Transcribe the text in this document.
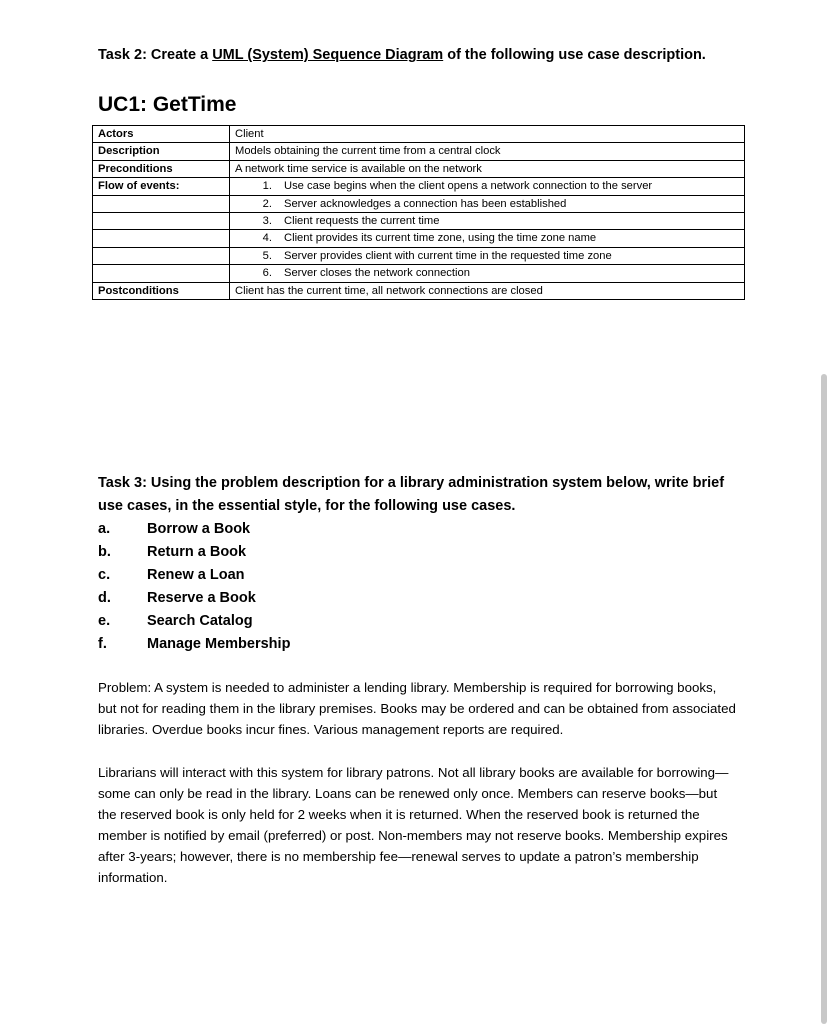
Task 2: Create a UML (System) Sequence Diagram of the following use case description.
UC1: GetTime
Actors	Client
Description	Models obtaining the current time from a central clock
Preconditions	A network time service is available on the network
Flow of events:	1. Use case begins when the client opens a network connection to the server
	2. Server acknowledges a connection has been established
	3. Client requests the current time
	4. Client provides its current time zone, using the time zone name
	5. Server provides client with current time in the requested time zone
	6. Server closes the network connection
Postconditions	Client has the current time, all network connections are closed
Task 3: Using the problem description for a library administration system below, write brief use cases, in the essential style, for the following use cases.
a.	Borrow a Book
b. Return a Book
c.	Renew a Loan
d. Reserve a Book
e.	Search Catalog
f.	Manage Membership
Problem: A system is needed to administer a lending library. Membership is required for borrowing books, but not for reading them in the library premises. Books may be ordered and can be obtained from associated libraries. Overdue books incur fines. Various management reports are required.
Librarians will interact with this system for library patrons. Not all library books are available for borrowing—some can only be read in the library. Loans can be renewed only once. Members can reserve books—but the reserved book is only held for 2 weeks when it is returned. When the reserved book is returned the member is notified by email (preferred) or post. Non-members may not reserve books. Membership expires after 3-years; however, there is no membership fee—renewal serves to update a patron’s membership information.
